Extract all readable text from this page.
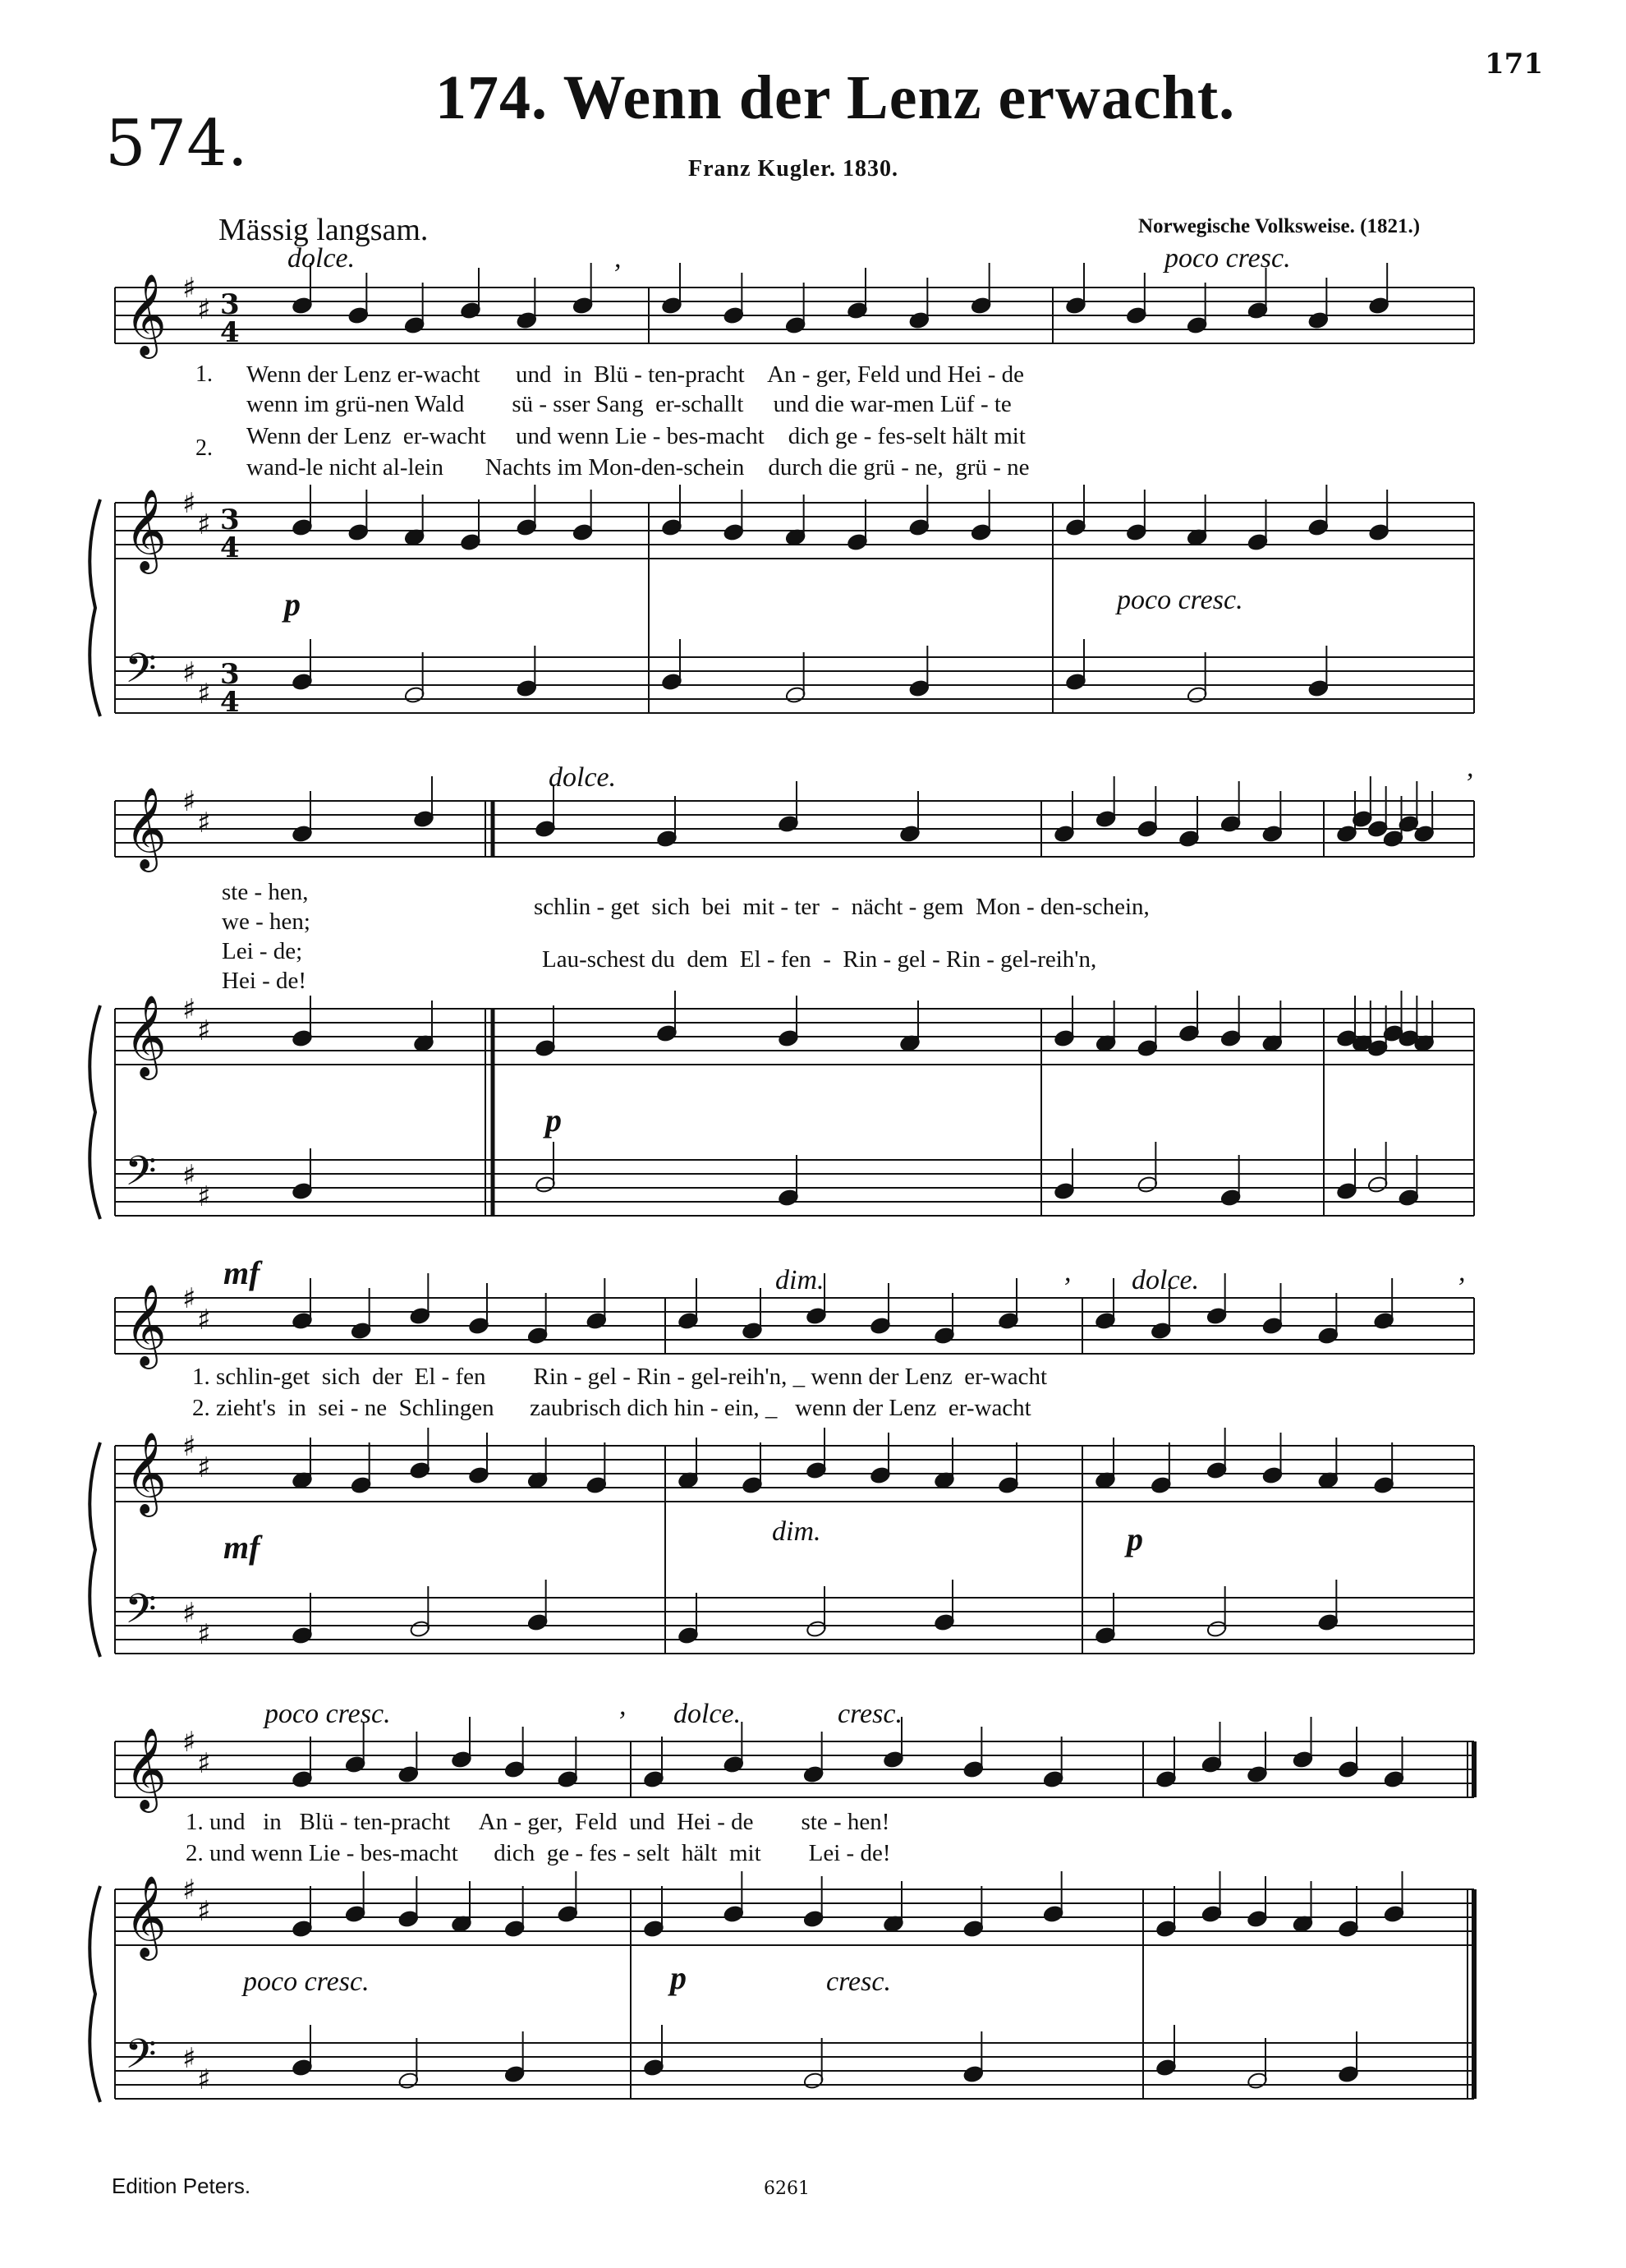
574.
174. Wenn der Lenz erwacht.	171
Franz Kugler. 1830.
Mässig langsam.	Norwegische Volksweise. (1821.)
𝄞
𝄞
𝄢
♯
♯
♯
♯
♯
♯
3
4
3
4
3
4
𝄞
𝄞
𝄢
♯
♯
♯
♯
♯
♯
𝄞
𝄞
𝄢
♯
♯
♯
♯
♯
♯
𝄞
𝄞
𝄢
♯
♯
♯
♯
♯
♯
dolce.	,	poco cresc.
1. Wenn der Lenz er-wacht      und  in  Blü - ten-pracht    An - ger, Feld und Hei - de
wenn im grü-nen Wald        sü - sser Sang  er-schallt     und die war-men Lüf - te
2. Wenn der Lenz  er-wacht     und wenn Lie - bes-macht    dich ge - fes-selt hält mit
wand-le nicht al-lein       Nachts im Mon-den-schein    durch die grü - ne,  grü - ne
p	poco cresc.
dolce.	,
ste - hen,
we - hen;
Lei - de;
Hei - de!
schlin - get  sich  bei  mit - ter  -  nächt - gem  Mon - den-schein,
Lau-schest du  dem  El - fen  -  Rin - gel - Rin - gel-reih'n,
p
mf	dim.	, dolce.	,
1. schlin-get  sich  der  El - fen        Rin - gel - Rin - gel-reih'n, _ wenn der Lenz  er-wacht
2. zieht's  in  sei - ne  Schlingen      zaubrisch dich hin - ein, _   wenn der Lenz  er-wacht
mf	dim.	p
poco cresc.	, dolce.	cresc.
1. und   in   Blü - ten-pracht     An - ger,  Feld  und  Hei - de        ste - hen!
2. und wenn Lie - bes-macht      dich  ge - fes - selt  hält  mit        Lei - de!
poco cresc.	p	cresc.
Edition Peters.	6261
